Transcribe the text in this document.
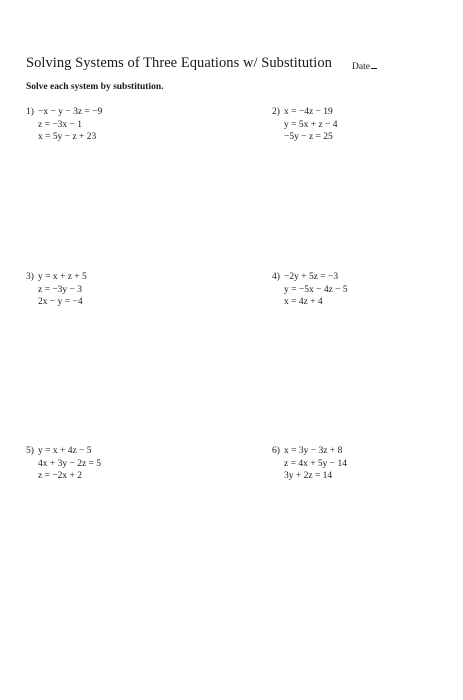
Solving Systems of Three Equations w/ Substitution Date
Solve each system by substitution.
1) −x − y − 3z = −9
z = −3x − 1
x = 5y − z + 23
2) x = −4z − 19
y = 5x + z − 4
−5y − z = 25
3) y = x + z + 5
z = −3y − 3
2x − y = −4
4) −2y + 5z = −3
y = −5x − 4z − 5
x = 4z + 4
5) y = x + 4z − 5
4x + 3y − 2z = 5
z = −2x + 2
6) x = 3y − 3z + 8
z = 4x + 5y − 14
3y + 2z = 14
